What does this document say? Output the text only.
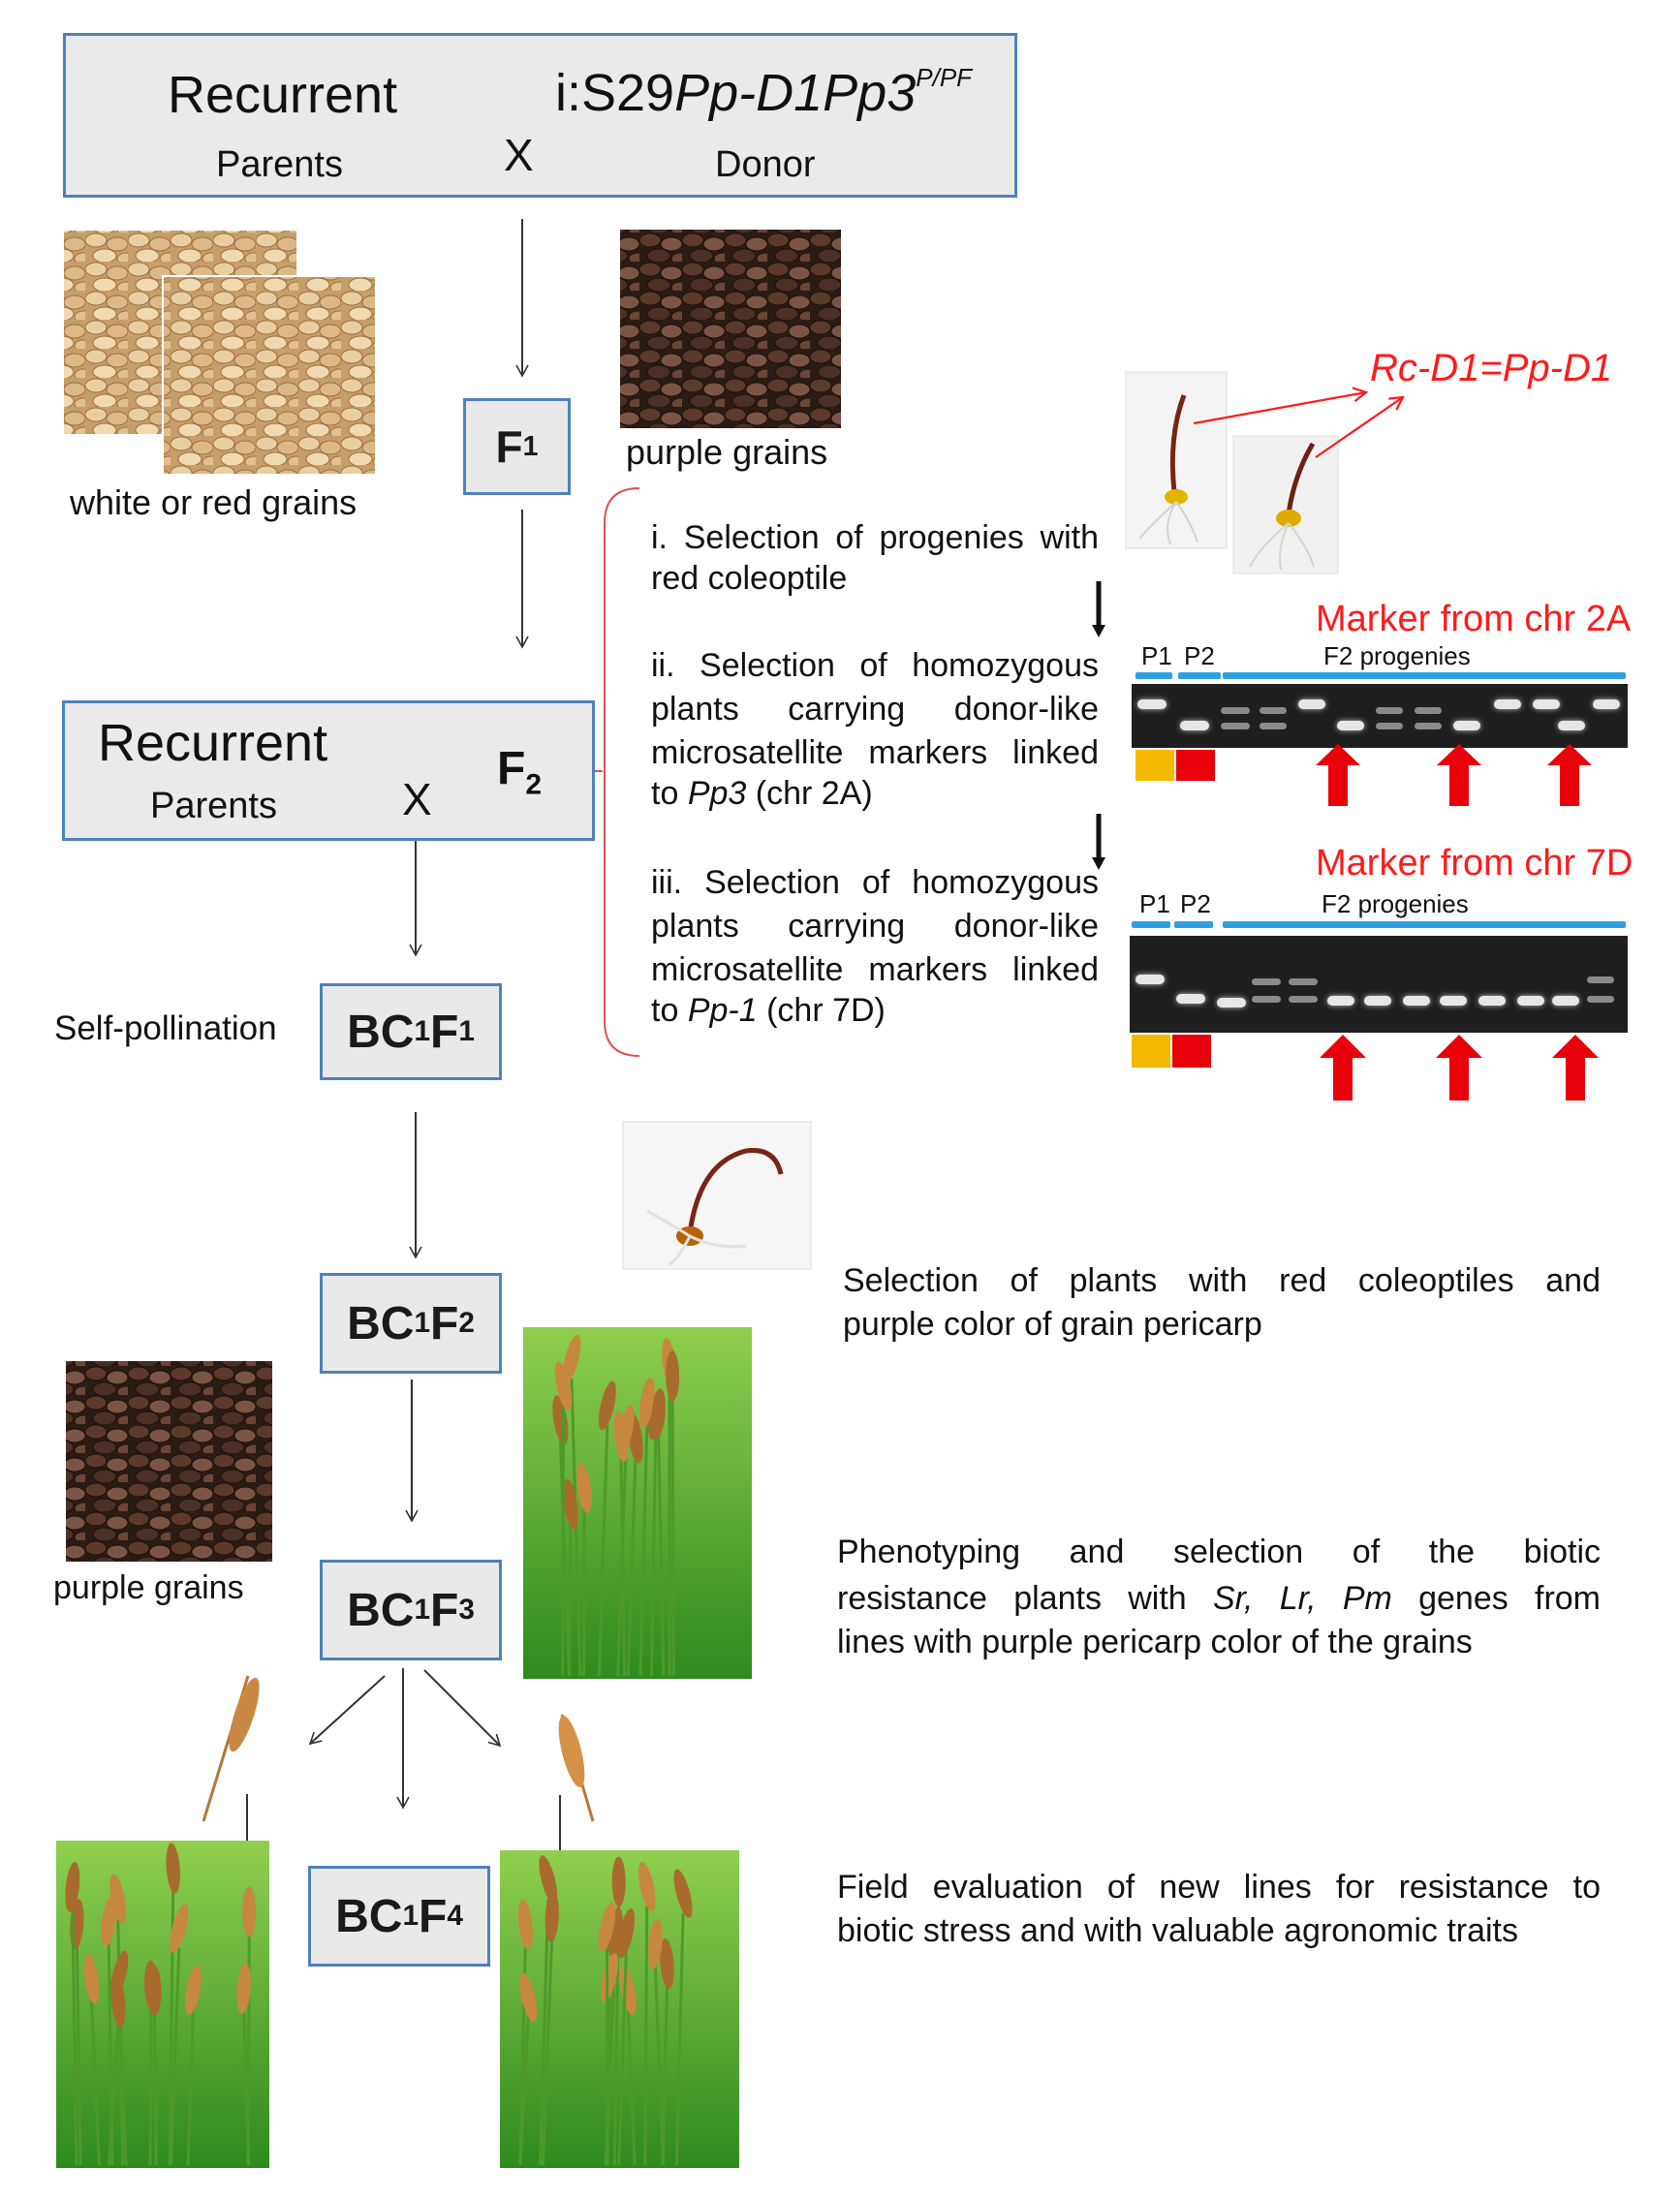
Recurrent
Parents	X
$i:S29Pp-D1Pp3^{P/PF}$
Donor
F 1
Recurrent
Parents	X
$F_2$
BC 1 F 1
BC 1 F 2
BC 1 F 3
BC 1 F 4
white or red grains
purple grains
purple grains
Self-pollination
Rc-D1=Pp-D1
i. Selection of progenies with
red coleoptile
ii. Selection of homozygous
plants carrying donor-like
microsatellite markers linked
to Pp3 (chr 2A)
iii. Selection of homozygous
plants carrying donor-like
microsatellite markers linked
to Pp-1 (chr 7D)
Marker from chr 2A
P1 P2	F2 progenies
Marker from chr 7D
P1 P2	F2 progenies
Selection of plants with red coleoptiles and
purple color of grain pericarp
Phenotyping and selection of the biotic
resistance plants with Sr, Lr, Pm genes from
lines with purple pericarp color of the grains
Field evaluation of new lines for resistance to
biotic stress and with valuable agronomic traits
